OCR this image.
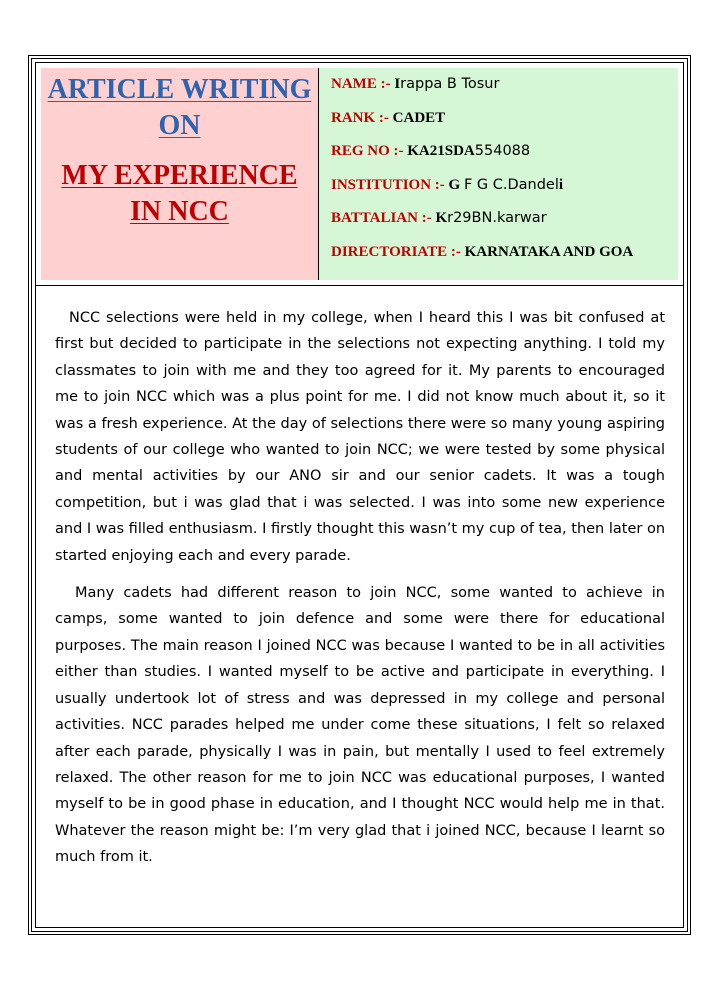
ARTICLE WRITING
ON
MY EXPERIENCE
IN NCC
NAME :- Irappa B Tosur
RANK :- CADET
REG NO :- KA21SDA554088
INSTITUTION :- G F G C.Dandeli
BATTALIAN :- Kr29BN.karwar
DIRECTORIATE :- KARNATAKA AND GOA

NCC selections were held in my college, when I heard this I was bit confused at first but decided to participate in the selections not expecting anything. I told my classmates to join with me and they too agreed for it. My parents to encouraged me to join NCC which was a plus point for me. I did not know much about it, so it was a fresh experience. At the day of selections there were so many young aspiring students of our college who wanted to join NCC; we were tested by some physical and mental activities by our ANO sir and our senior cadets. It was a tough competition, but i was glad that i was selected. I was into some new experience and I was filled enthusiasm. I firstly thought this wasn’t my cup of tea, then later on started enjoying each and every parade.

Many cadets had different reason to join NCC, some wanted to achieve in camps, some wanted to join defence and some were there for educational purposes. The main reason I joined NCC was because I wanted to be in all activities either than studies. I wanted myself to be active and participate in everything. I usually undertook lot of stress and was depressed in my college and personal activities. NCC parades helped me under come these situations, I felt so relaxed after each parade, physically I was in pain, but mentally I used to feel extremely relaxed. The other reason for me to join NCC was educational purposes, I wanted myself to be in good phase in education, and I thought NCC would help me in that. Whatever the reason might be: I’m very glad that i joined NCC, because I learnt so much from it.
